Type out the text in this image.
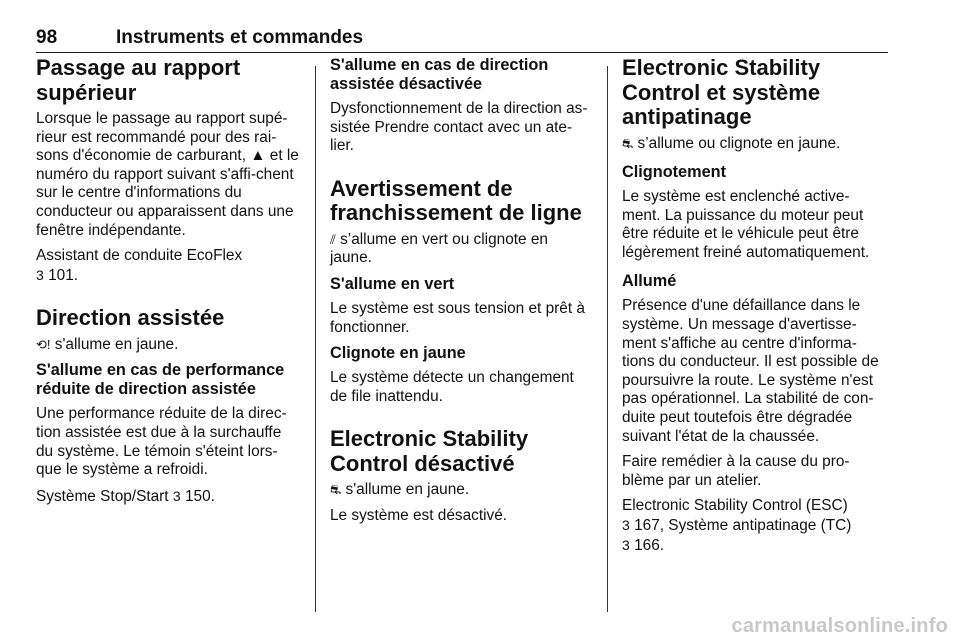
98	Instruments et commandes
Passage au rapport supérieur

Lorsque le passage au rapport supé-rieur est recommandé pour des rai-sons d'économie de carburant, ▲ et le numéro du rapport suivant s'affi-chent sur le centre d'informations du conducteur ou apparaissent dans une fenêtre indépendante.

Assistant de conduite EcoFlex
3 101.

Direction assistée

⟲! s'allume en jaune.

S'allume en cas de performance réduite de direction assistée

Une performance réduite de la direc-tion assistée est due à la surchauffe du système. Le témoin s'éteint lors-que le système a refroidi.

Système Stop/Start 3 150.

S'allume en cas de direction assistée désactivée

Dysfonctionnement de la direction as-sistée Prendre contact avec un ate-lier.

Avertissement de franchissement de ligne

⫽ s’allume en vert ou clignote en jaune.

S'allume en vert

Le système est sous tension et prêt à fonctionner.

Clignote en jaune

Le système détecte un changement de file inattendu.

Electronic Stability Control désactivé

⛐ s'allume en jaune.

Le système est désactivé.

Electronic Stability Control et système antipatinage

⛐ s’allume ou clignote en jaune.

Clignotement

Le système est enclenché active-ment. La puissance du moteur peut être réduite et le véhicule peut être légèrement freiné automatiquement.

Allumé

Présence d'une défaillance dans le système. Un message d'avertisse-ment s'affiche au centre d'informa-tions du conducteur. Il est possible de poursuivre la route. Le système n'est pas opérationnel. La stabilité de con-duite peut toutefois être dégradée suivant l'état de la chaussée.

Faire remédier à la cause du pro-blème par un atelier.

Electronic Stability Control (ESC)
3 167, Système antipatinage (TC)
3 166.

carmanualsonline.info
